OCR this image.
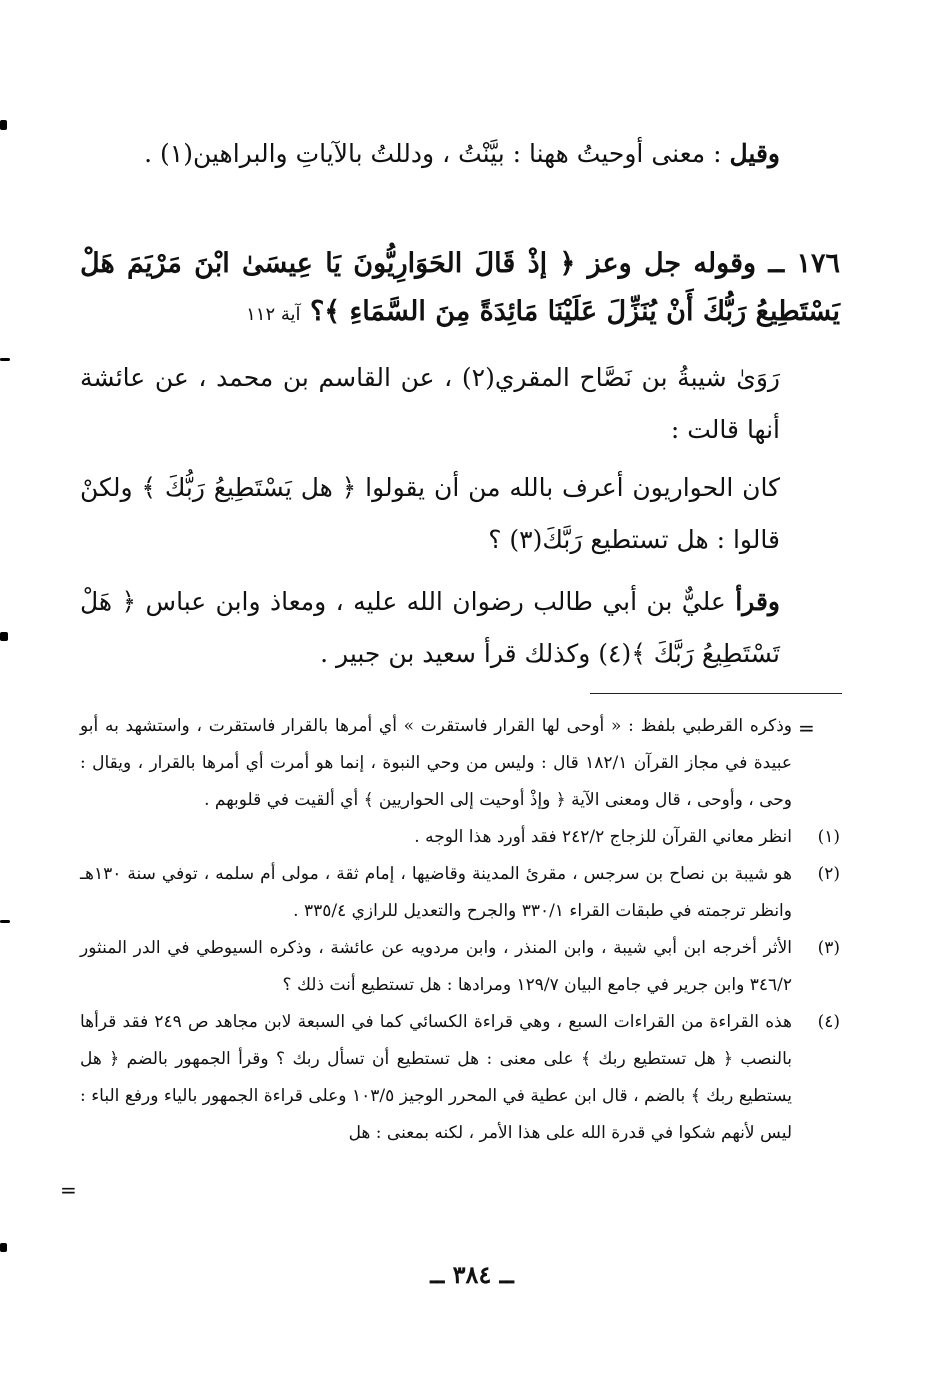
وقيل : معنى أوحيتُ ههنا : بيَّنْتُ ، ودللتُ بالآياتِ والبراهين(١) .
١٧٦ ــ وقوله جل وعز ﴿ إذْ قَالَ الحَوَارِيُّونَ يَا عِيسَىٰ ابْنَ مَرْيَمَ هَلْ يَسْتَطِيعُ رَبُّكَ أَنْ يُنَزِّلَ عَلَيْنَا مَائِدَةً مِنَ السَّمَاءِ ﴾؟ آية ١١٢
رَوَىٰ شيبةُ بن نَصَّاح المقري(٢) ، عن القاسم بن محمد ، عن عائشة أنها قالت :
كان الحواريون أعرف بالله من أن يقولوا ﴿ هل يَسْتَطِيعُ رَبُّكَ ﴾ ولكنْ قالوا : هل تستطيع رَبَّكَ(٣) ؟
وقرأ عليٌّ بن أبي طالب رضوان الله عليه ، ومعاذ وابن عباس ﴿ هَلْ تَسْتَطِيعُ رَبَّكَ ﴾(٤) وكذلك قرأ سعيد بن جبير .
=
=
وذكره القرطبي بلفظ : « أوحى لها القرار فاستقرت » أي أمرها بالقرار فاستقرت ، واستشهد به أبو عبيدة في مجاز القرآن ١٨٢/١ قال : وليس من وحي النبوة ، إنما هو أمرت أي أمرها بالقرار ، ويقال : وحى ، وأوحى ، قال ومعنى الآية ﴿ وإذْ أوحيت إلى الحواريين ﴾ أي ألقيت في قلوبهم .
(١)
انظر معاني القرآن للزجاج ٢٤٢/٢ فقد أورد هذا الوجه .
(٢)
هو شيبة بن نصاح بن سرجس ، مقرئ المدينة وقاضيها ، إمام ثقة ، مولى أم سلمه ، توفي سنة ١٣٠هـ وانظر ترجمته في طبقات القراء ٣٣٠/١ والجرح والتعديل للرازي ٣٣٥/٤ .
(٣)
الأثر أخرجه ابن أبي شيبة ، وابن المنذر ، وابن مردويه عن عائشة ، وذكره السيوطي في الدر المنثور ٣٤٦/٢ وابن جرير في جامع البيان ١٢٩/٧ ومرادها : هل تستطيع أنت ذلك ؟
(٤)
هذه القراءة من القراءات السبع ، وهي قراءة الكسائي كما في السبعة لابن مجاهد ص ٢٤٩ فقد قرأها بالنصب ﴿ هل تستطيع ربك ﴾ على معنى : هل تستطيع أن تسأل ربك ؟ وقرأ الجمهور بالضم ﴿ هل يستطيع ربك ﴾ بالضم ، قال ابن عطية في المحرر الوجيز ١٠٣/٥ وعلى قراءة الجمهور بالياء ورفع الباء : ليس لأنهم شكوا في قدرة الله على هذا الأمر ، لكنه بمعنى : هل
ــ ٣٨٤ ــ
